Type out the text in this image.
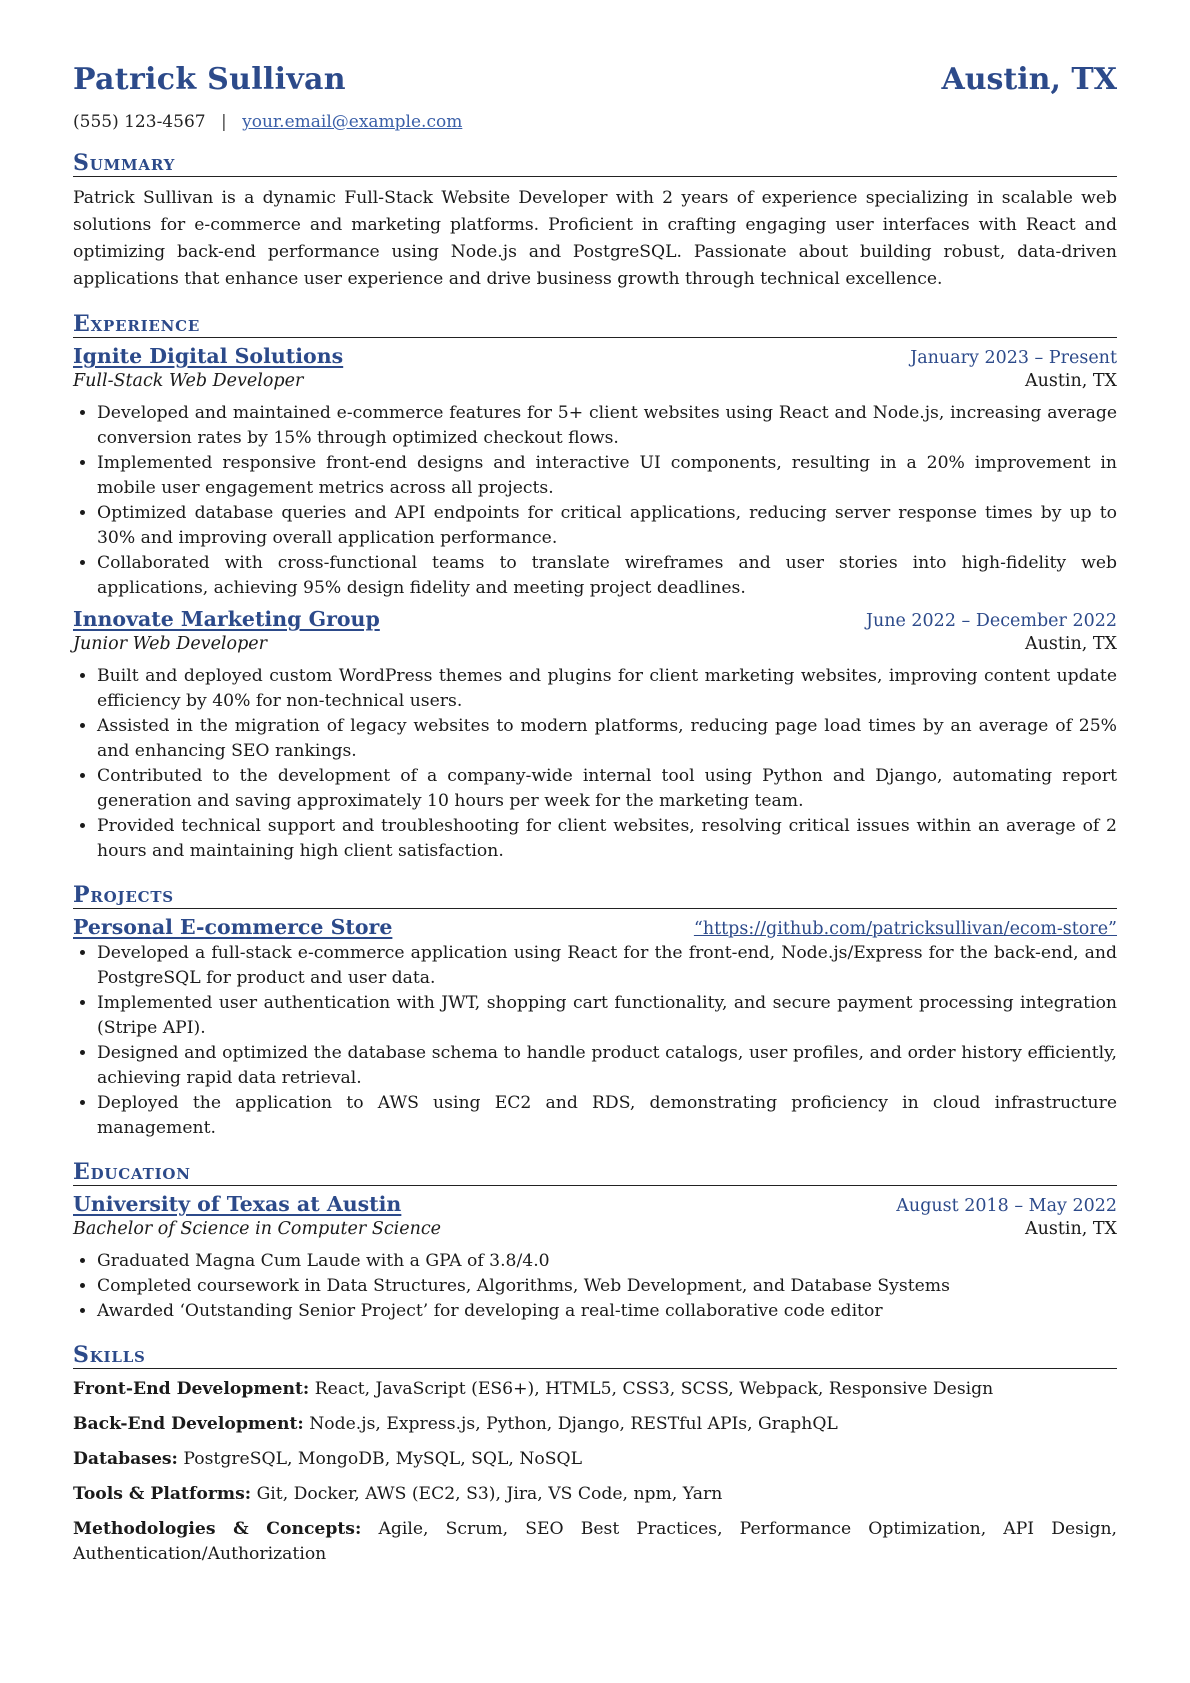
Patrick Sullivan	Austin, TX
(555) 123-4567 | your.email@example.com
Summary
Patrick Sullivan is a dynamic Full-Stack Website Developer with 2 years of experience specializing in scalable web solutions for e-commerce and marketing platforms. Proficient in crafting engaging user interfaces with React and optimizing back-end performance using Node.js and PostgreSQL. Passionate about building robust, data-driven applications that enhance user experience and drive business growth through technical excellence.
Experience
Ignite Digital Solutions	January 2023 – Present
Full-Stack Web Developer	Austin, TX
• Developed and maintained e-commerce features for 5+ client websites using React and Node.js, increasing average conversion rates by 15% through optimized checkout flows.
• Implemented responsive front-end designs and interactive UI components, resulting in a 20% improvement in mobile user engagement metrics across all projects.
• Optimized database queries and API endpoints for critical applications, reducing server response times by up to 30% and improving overall application performance.
• Collaborated with cross-functional teams to translate wireframes and user stories into high-fidelity web applications, achieving 95% design fidelity and meeting project deadlines.
Innovate Marketing Group	June 2022 – December 2022
Junior Web Developer	Austin, TX
• Built and deployed custom WordPress themes and plugins for client marketing websites, improving content update efficiency by 40% for non-technical users.
• Assisted in the migration of legacy websites to modern platforms, reducing page load times by an average of 25% and enhancing SEO rankings.
• Contributed to the development of a company-wide internal tool using Python and Django, automating report generation and saving approximately 10 hours per week for the marketing team.
• Provided technical support and troubleshooting for client websites, resolving critical issues within an average of 2 hours and maintaining high client satisfaction.
Projects
Personal E-commerce Store	“https://github.com/patricksullivan/ecom-store”
• Developed a full-stack e-commerce application using React for the front-end, Node.js/Express for the back-end, and PostgreSQL for product and user data.
• Implemented user authentication with JWT, shopping cart functionality, and secure payment processing integration (Stripe API).
• Designed and optimized the database schema to handle product catalogs, user profiles, and order history efficiently, achieving rapid data retrieval.
• Deployed the application to AWS using EC2 and RDS, demonstrating proficiency in cloud infrastructure management.
Education
University of Texas at Austin	August 2018 – May 2022
Bachelor of Science in Computer Science	Austin, TX
• Graduated Magna Cum Laude with a GPA of 3.8/4.0
• Completed coursework in Data Structures, Algorithms, Web Development, and Database Systems
• Awarded ‘Outstanding Senior Project’ for developing a real-time collaborative code editor
Skills
Front-End Development: React, JavaScript (ES6+), HTML5, CSS3, SCSS, Webpack, Responsive Design
Back-End Development: Node.js, Express.js, Python, Django, RESTful APIs, GraphQL
Databases: PostgreSQL, MongoDB, MySQL, SQL, NoSQL
Tools & Platforms: Git, Docker, AWS (EC2, S3), Jira, VS Code, npm, Yarn
Methodologies & Concepts: Agile, Scrum, SEO Best Practices, Performance Optimization, API Design, Authentication/Authorization
